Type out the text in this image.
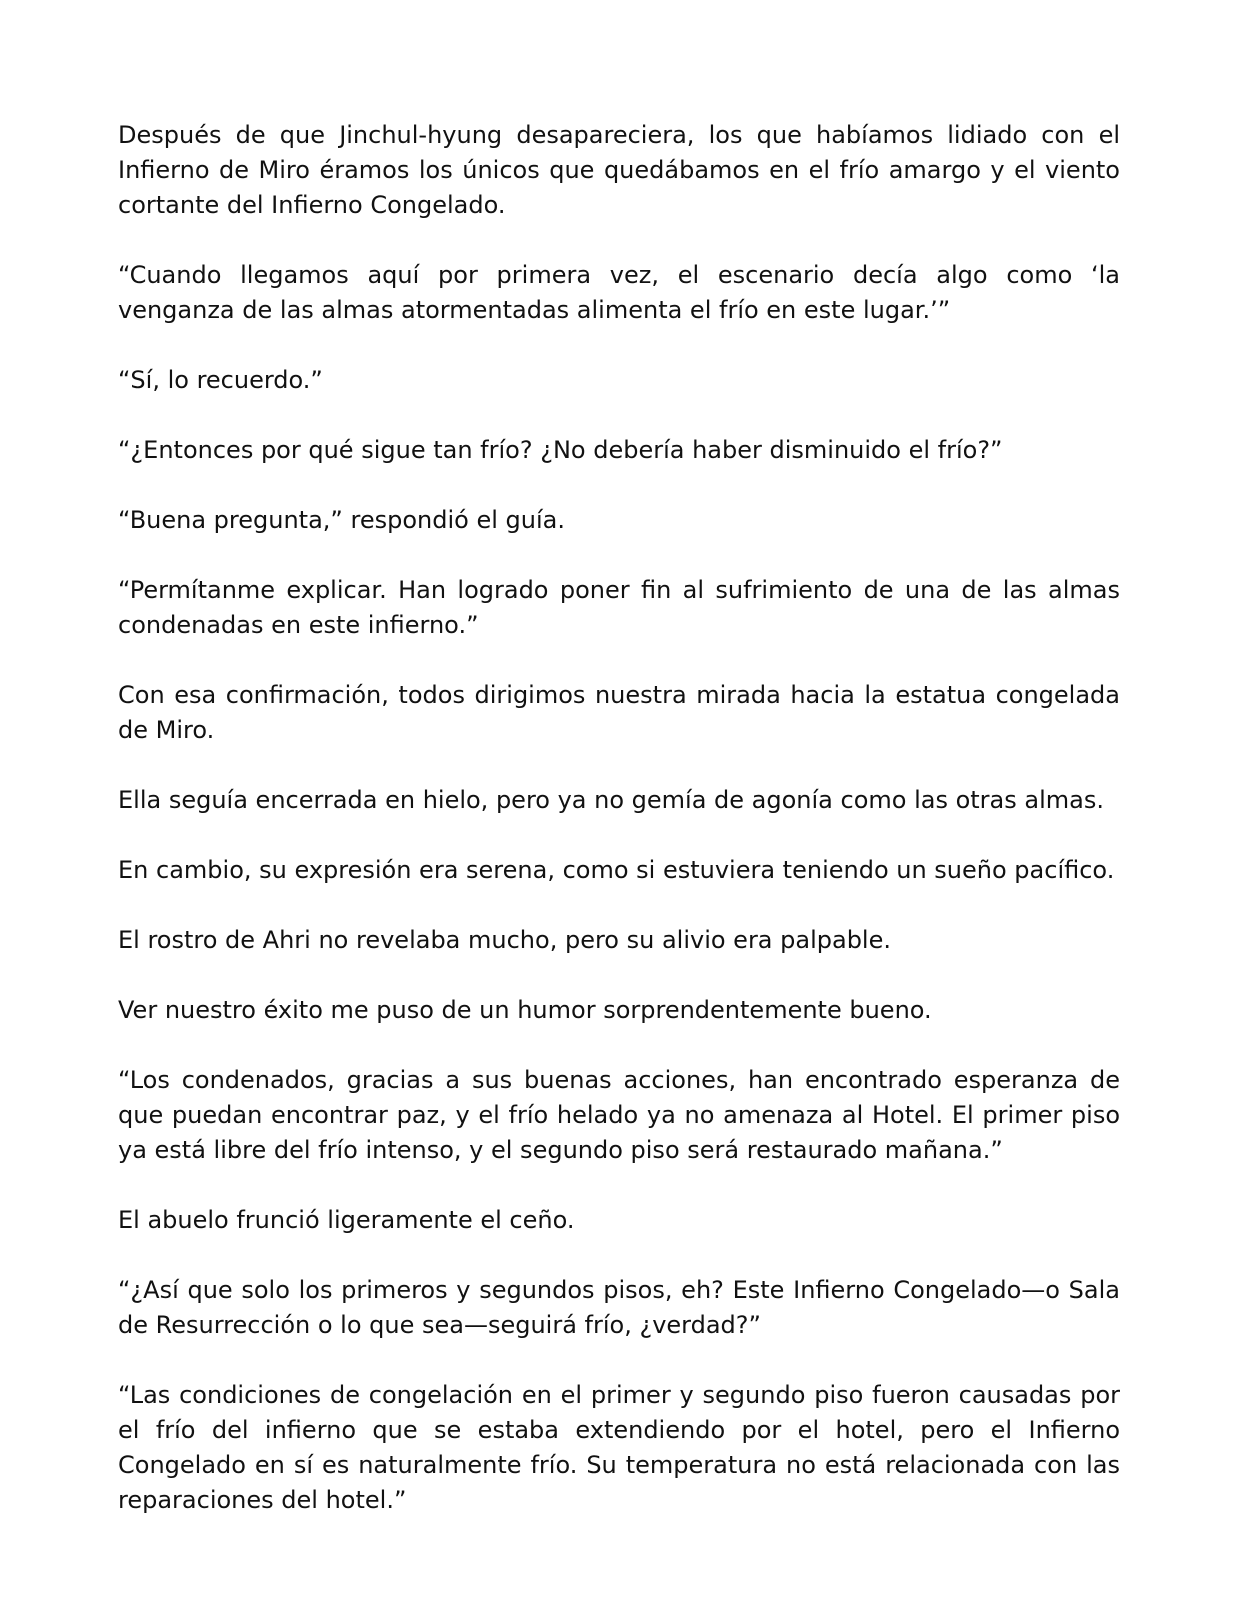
Después de que Jinchul-hyung desapareciera, los que habíamos lidiado con el Infierno de Miro éramos los únicos que quedábamos en el frío amargo y el viento cortante del Infierno Congelado.

“Cuando llegamos aquí por primera vez, el escenario decía algo como ‘la venganza de las almas atormentadas alimenta el frío en este lugar.’”

“Sí, lo recuerdo.”

“¿Entonces por qué sigue tan frío? ¿No debería haber disminuido el frío?”

“Buena pregunta,” respondió el guía.

“Permítanme explicar. Han logrado poner fin al sufrimiento de una de las almas condenadas en este infierno.”

Con esa confirmación, todos dirigimos nuestra mirada hacia la estatua congelada de Miro.

Ella seguía encerrada en hielo, pero ya no gemía de agonía como las otras almas.

En cambio, su expresión era serena, como si estuviera teniendo un sueño pacífico.

El rostro de Ahri no revelaba mucho, pero su alivio era palpable.

Ver nuestro éxito me puso de un humor sorprendentemente bueno.

“Los condenados, gracias a sus buenas acciones, han encontrado esperanza de que puedan encontrar paz, y el frío helado ya no amenaza al Hotel. El primer piso ya está libre del frío intenso, y el segundo piso será restaurado mañana.”

El abuelo frunció ligeramente el ceño.

“¿Así que solo los primeros y segundos pisos, eh? Este Infierno Congelado—o Sala de Resurrección o lo que sea—seguirá frío, ¿verdad?”

“Las condiciones de congelación en el primer y segundo piso fueron causadas por el frío del infierno que se estaba extendiendo por el hotel, pero el Infierno Congelado en sí es naturalmente frío. Su temperatura no está relacionada con las reparaciones del hotel.”
